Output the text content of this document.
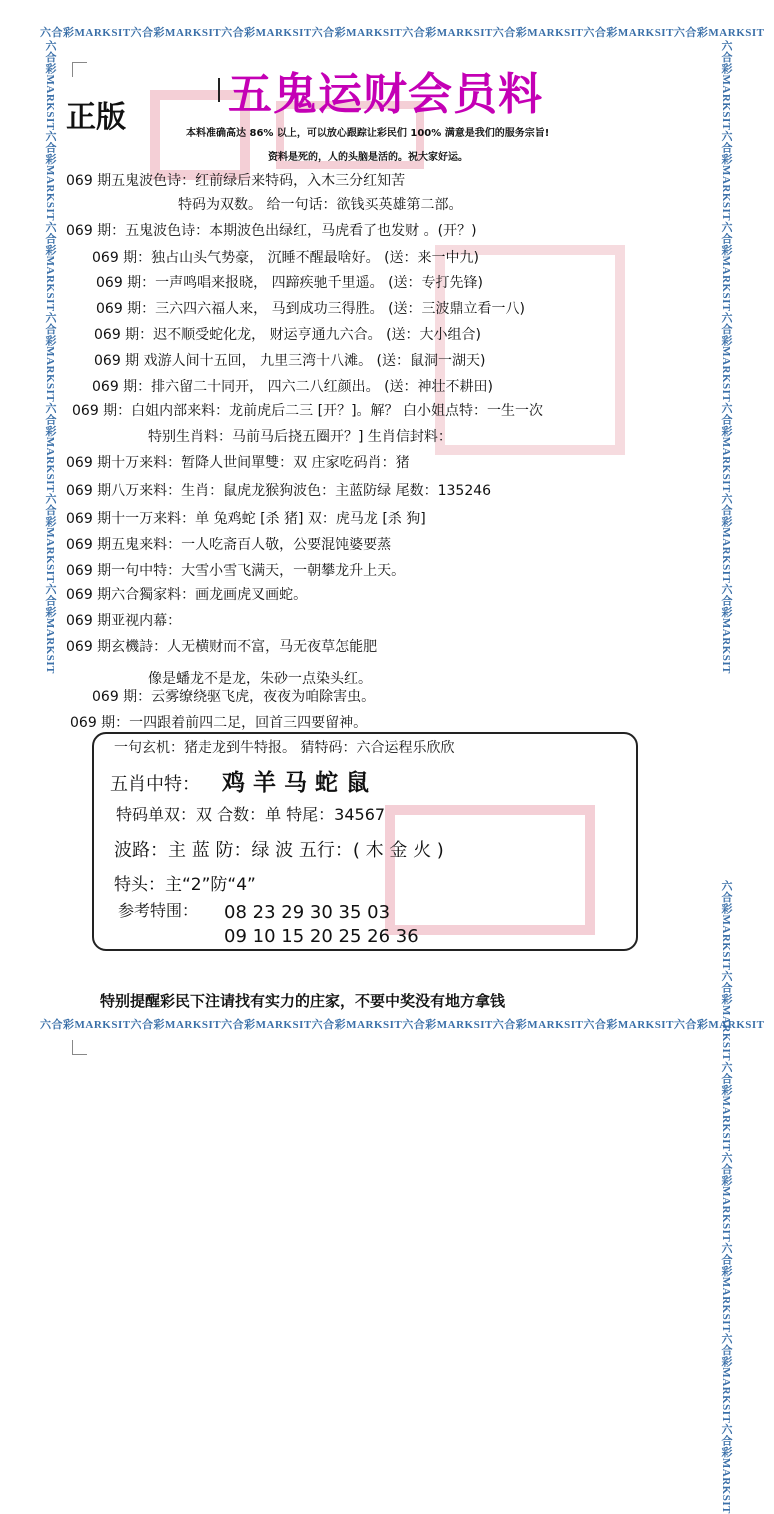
六合彩MARKSIT六合彩MARKSIT六合彩MARKSIT六合彩MARKSIT六合彩MARKSIT六合彩MARKSIT六合彩MARKSIT六合彩MARKSIT
六合彩MARKSIT六合彩MARKSIT六合彩MARKSIT六合彩MARKSIT六合彩MARKSIT六合彩MARKSIT六合彩MARKSIT六合彩MARKSIT
六合彩MARKSIT六合彩MARKSIT六合彩MARKSIT六合彩MARKSIT六合彩MARKSIT六合彩MARKSIT六合彩MARKSIT	六合彩MARKSIT六合彩MARKSIT六合彩MARKSIT六合彩MARKSIT六合彩MARKSIT六合彩MARKSIT六合彩MARKSIT
六合彩MARKSIT六合彩MARKSIT六合彩MARKSIT六合彩MARKSIT六合彩MARKSIT六合彩MARKSIT六合彩MARKSIT
五鬼运财会员料
正版	本料准确高达 86% 以上，可以放心跟踪让彩民们 100% 满意是我们的服务宗旨!
资料是死的，人的头脑是活的。祝大家好运。
069 期五鬼波色诗：红前绿后来特码，入木三分红知苦
特码为双数。 给一句话：欲钱买英雄第二部。
069 期：五鬼波色诗：本期波色出绿红，马虎看了也发财 。(开？)
069 期：独占山头气势豪， 沉睡不醒最啥好。 (送：来一中九)
069 期：一声鸣唱来报晓， 四蹄疾驰千里遥。 (送：专打先锋)
069 期：三六四六福人来， 马到成功三得胜。 (送：三波鼎立看一八)
069 期：迟不顺受蛇化龙， 财运亨通九六合。 (送：大小组合)
069 期 戏游人间十五回， 九里三湾十八滩。 (送：鼠洞一湖天)
069 期：排六留二十同开， 四六二八红颜出。 (送：神壮不耕田)
069 期：白姐内部来料：龙前虎后二三 [开？]。解？ 白小姐点特：一生一次
特别生肖料：马前马后挠五圈开？] 生肖信封料：
069 期十万来料：暂降人世间單雙：双 庄家吃码肖：猪
069 期八万来料：生肖：鼠虎龙猴狗波色：主蓝防绿 尾数：135246
069 期十一万来料：单 兔鸡蛇 [杀 猪] 双：虎马龙 [杀 狗]
069 期五鬼来料：一人吃斋百人敬，公要混饨婆要蒸
069 期一句中特：大雪小雪飞满天，一朝攀龙升上天。
069 期六合獨家料：画龙画虎叉画蛇。
069 期亚视内幕：
069 期玄機詩：人无横财而不富，马无夜草怎能肥
像是蟠龙不是龙，朱砂一点染头红。
069 期：云雾缭绕驱飞虎，夜夜为咱除害虫。
069 期：一四跟着前四二足，回首三四要留神。
一句玄机：猪走龙到牛特报。 猜特码：六合运程乐欣欣
五肖中特： 鸡 羊 马 蛇 鼠
特码单双：双 合数：单 特尾：34567
波路：主 蓝 防：绿 波 五行：( 木 金 火 )
特头：主“2”防“4”
参考特围： 08 23 29 30 35 03
09 10 15 20 25 26 36
特别提醒彩民下注请找有实力的庄家，不要中奖没有地方拿钱
